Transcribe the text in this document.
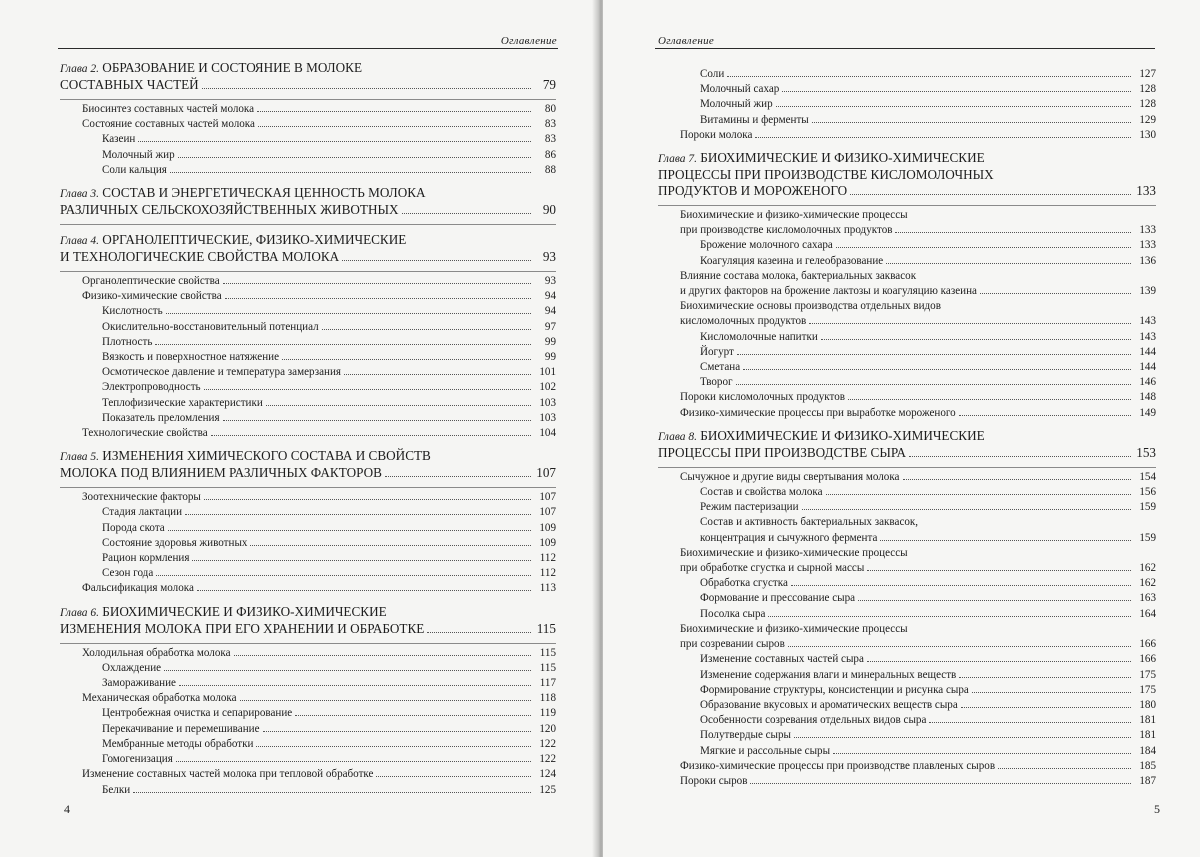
Оглавление
Глава 2. ОБРАЗОВАНИЕ И СОСТОЯНИЕ В МОЛОКЕ
СОСТАВНЫХ ЧАСТЕЙ	79
Биосинтез составных частей молока	80
Состояние составных частей молока	83
Казеин	83
Молочный жир	86
Соли кальция	88
Глава 3. СОСТАВ И ЭНЕРГЕТИЧЕСКАЯ ЦЕННОСТЬ МОЛОКА
РАЗЛИЧНЫХ СЕЛЬСКОХОЗЯЙСТВЕННЫХ ЖИВОТНЫХ	90
Глава 4. ОРГАНОЛЕПТИЧЕСКИЕ, ФИЗИКО-ХИМИЧЕСКИЕ
И ТЕХНОЛОГИЧЕСКИЕ СВОЙСТВА МОЛОКА	93
Органолептические свойства	93
Физико-химические свойства	94
Кислотность	94
Окислительно-восстановительный потенциал	97
Плотность	99
Вязкость и поверхностное натяжение	99
Осмотическое давление и температура замерзания	101
Электропроводность	102
Теплофизические характеристики	103
Показатель преломления	103
Технологические свойства	104
Глава 5. ИЗМЕНЕНИЯ ХИМИЧЕСКОГО СОСТАВА И СВОЙСТВ
МОЛОКА ПОД ВЛИЯНИЕМ РАЗЛИЧНЫХ ФАКТОРОВ	107
Зоотехнические факторы	107
Стадия лактации	107
Порода скота	109
Состояние здоровья животных	109
Рацион кормления	112
Сезон года	112
Фальсификация молока	113
Глава 6. БИОХИМИЧЕСКИЕ И ФИЗИКО-ХИМИЧЕСКИЕ
ИЗМЕНЕНИЯ МОЛОКА ПРИ ЕГО ХРАНЕНИИ И ОБРАБОТКЕ	115
Холодильная обработка молока	115
Охлаждение	115
Замораживание	117
Механическая обработка молока	118
Центробежная очистка и сепарирование	119
Перекачивание и перемешивание	120
Мембранные методы обработки	122
Гомогенизация	122
Изменение составных частей молока при тепловой обработке	124
Белки	125
4
Оглавление
Соли	127
Молочный сахар	128
Молочный жир	128
Витамины и ферменты	129
Пороки молока	130
Глава 7. БИОХИМИЧЕСКИЕ И ФИЗИКО-ХИМИЧЕСКИЕ
ПРОЦЕССЫ ПРИ ПРОИЗВОДСТВЕ КИСЛОМОЛОЧНЫХ
ПРОДУКТОВ И МОРОЖЕНОГО	133
Биохимические и физико-химические процессы
при производстве кисломолочных продуктов	133
Брожение молочного сахара	133
Коагуляция казеина и гелеобразование	136
Влияние состава молока, бактериальных заквасок
и других факторов на брожение лактозы и коагуляцию казеина	139
Биохимические основы производства отдельных видов
кисломолочных продуктов	143
Кисломолочные напитки	143
Йогурт	144
Сметана	144
Творог	146
Пороки кисломолочных продуктов	148
Физико-химические процессы при выработке мороженого	149
Глава 8. БИОХИМИЧЕСКИЕ И ФИЗИКО-ХИМИЧЕСКИЕ
ПРОЦЕССЫ ПРИ ПРОИЗВОДСТВЕ СЫРА	153
Сычужное и другие виды свертывания молока	154
Состав и свойства молока	156
Режим пастеризации	159
Состав и активность бактериальных заквасок,
концентрация и сычужного фермента	159
Биохимические и физико-химические процессы
при обработке сгустка и сырной массы	162
Обработка сгустка	162
Формование и прессование сыра	163
Посолка сыра	164
Биохимические и физико-химические процессы
при созревании сыров	166
Изменение составных частей сыра	166
Изменение содержания влаги и минеральных веществ	175
Формирование структуры, консистенции и рисунка сыра	175
Образование вкусовых и ароматических веществ сыра	180
Особенности созревания отдельных видов сыра	181
Полутвердые сыры	181
Мягкие и рассольные сыры	184
Физико-химические процессы при производстве плавленых сыров	185
Пороки сыров	187
5
